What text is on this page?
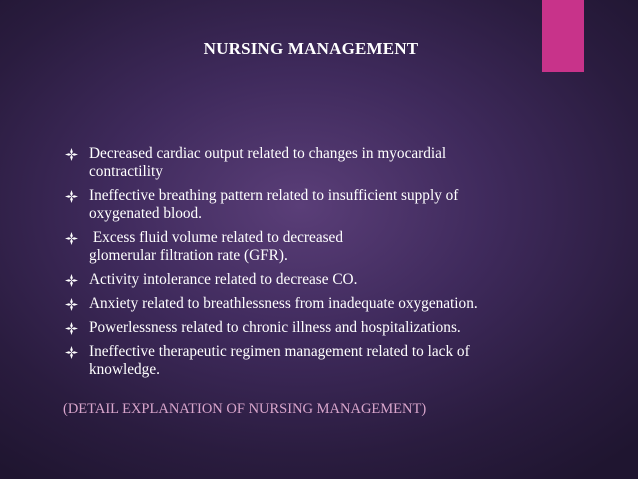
NURSING MANAGEMENT
Decreased cardiac output related to changes in myocardial
contractility
Ineffective breathing pattern related to insufficient supply of
oxygenated blood.
Excess fluid volume related to decreased
glomerular filtration rate (GFR).
Activity intolerance related to decrease CO.
Anxiety related to breathlessness from inadequate oxygenation.
Powerlessness related to chronic illness and hospitalizations.
Ineffective therapeutic regimen management related to lack of
knowledge.
(DETAIL EXPLANATION OF NURSING MANAGEMENT)
